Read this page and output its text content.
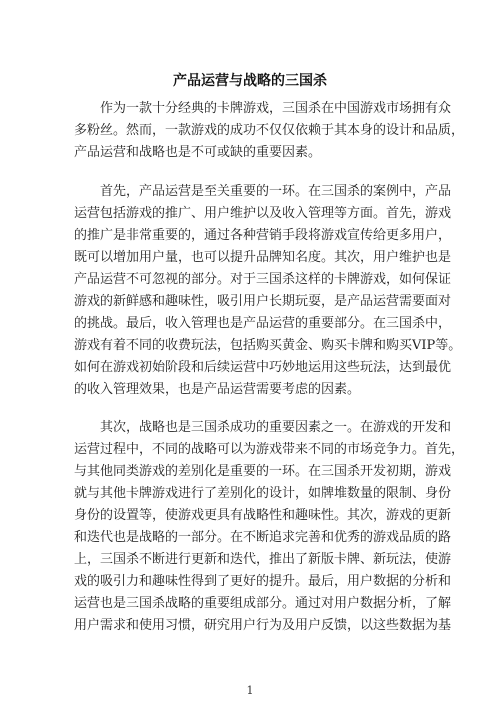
产品运营与战略的三国杀
作为一款十分经典的卡牌游戏，三国杀在中国游戏市场拥有众
多粉丝。然而，一款游戏的成功不仅仅依赖于其本身的设计和品质，
产品运营和战略也是不可或缺的重要因素。
首先，产品运营是至关重要的一环。在三国杀的案例中，产品
运营包括游戏的推广、用户维护以及收入管理等方面。首先，游戏
的推广是非常重要的，通过各种营销手段将游戏宣传给更多用户，
既可以增加用户量，也可以提升品牌知名度。其次，用户维护也是
产品运营不可忽视的部分。对于三国杀这样的卡牌游戏，如何保证
游戏的新鲜感和趣味性，吸引用户长期玩耍，是产品运营需要面对
的挑战。最后，收入管理也是产品运营的重要部分。在三国杀中，
游戏有着不同的收费玩法，包括购买黄金、购买卡牌和购买VIP等。
如何在游戏初始阶段和后续运营中巧妙地运用这些玩法，达到最优
的收入管理效果，也是产品运营需要考虑的因素。
其次，战略也是三国杀成功的重要因素之一。在游戏的开发和
运营过程中，不同的战略可以为游戏带来不同的市场竞争力。首先，
与其他同类游戏的差别化是重要的一环。在三国杀开发初期，游戏
就与其他卡牌游戏进行了差别化的设计，如牌堆数量的限制、身份
身份的设置等，使游戏更具有战略性和趣味性。其次，游戏的更新
和迭代也是战略的一部分。在不断追求完善和优秀的游戏品质的路
上，三国杀不断进行更新和迭代，推出了新版卡牌、新玩法，使游
戏的吸引力和趣味性得到了更好的提升。最后，用户数据的分析和
运营也是三国杀战略的重要组成部分。通过对用户数据分析，了解
用户需求和使用习惯，研究用户行为及用户反馈，以这些数据为基
1
